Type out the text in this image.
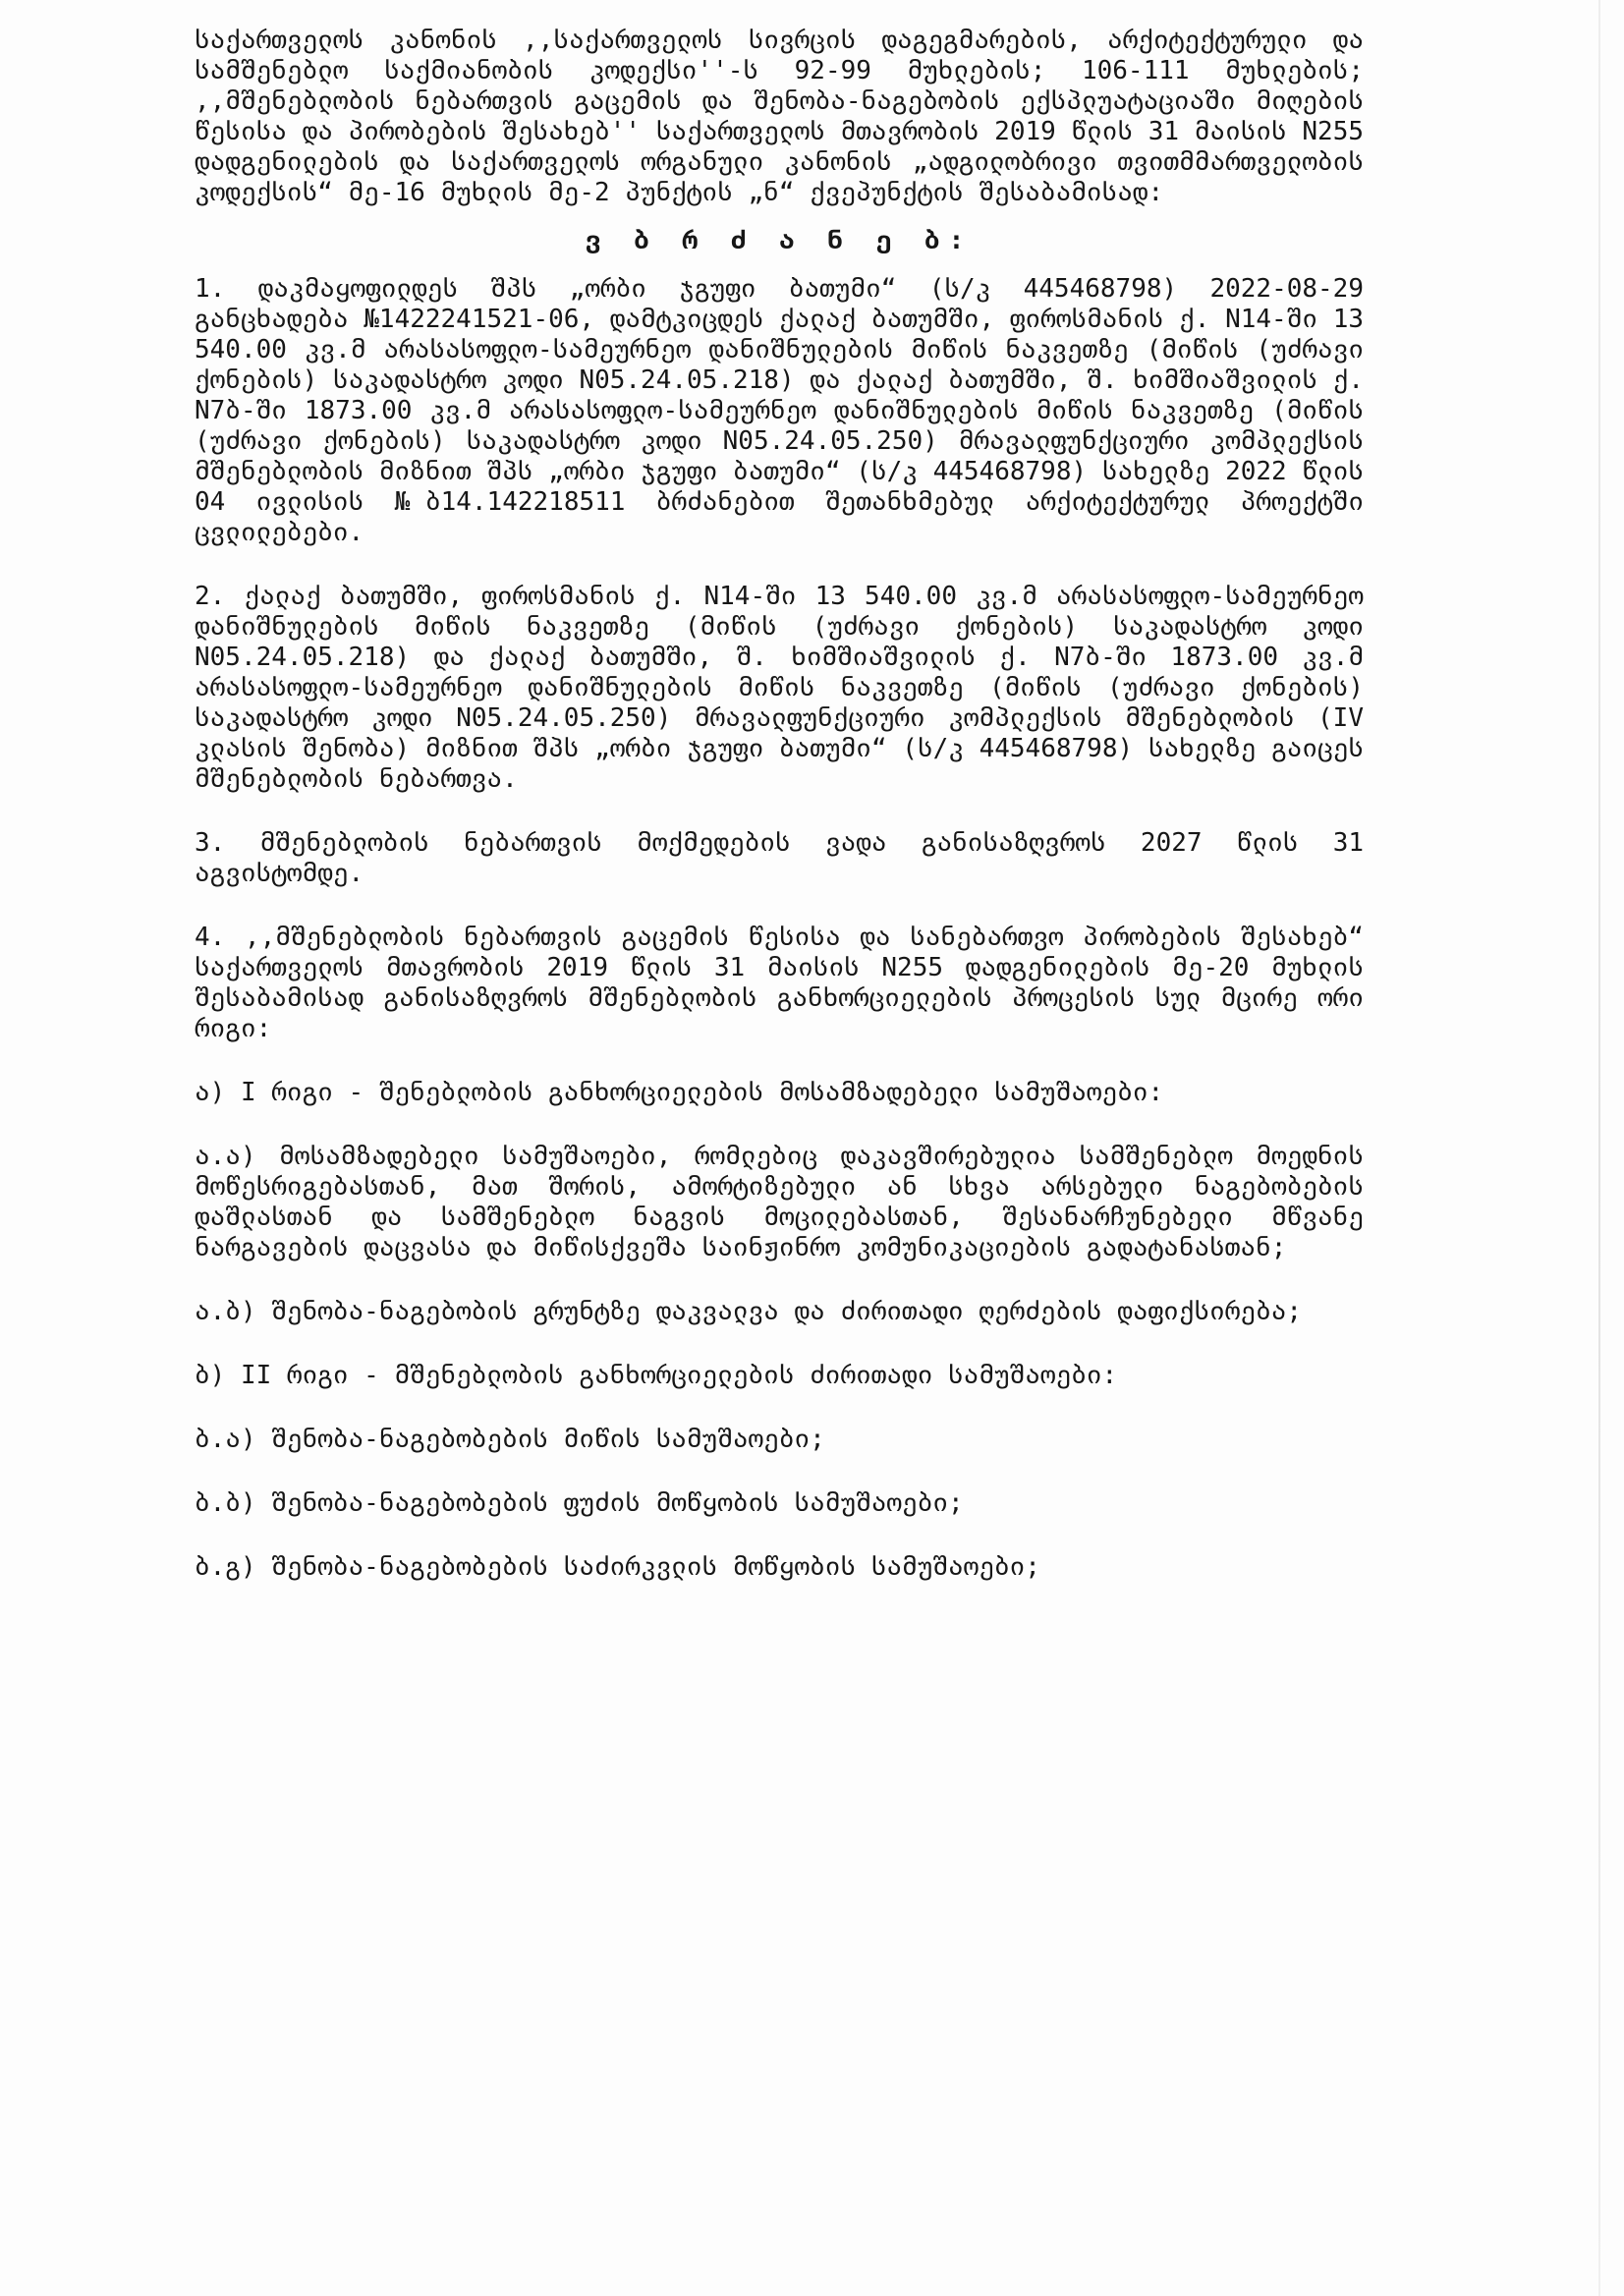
საქართველოს კანონის ,,საქართველოს სივრცის დაგეგმარების, არქიტექტურული და სამშენებლო საქმიანობის კოდექსი''-ს 92-99 მუხლების; 106-111 მუხლების; ,,მშენებლობის ნებართვის გაცემის და შენობა-ნაგებობის ექსპლუატაციაში მიღების წესისა და პირობების შესახებ'' საქართველოს მთავრობის 2019 წლის 31 მაისის N255 დადგენილების და საქართველოს ორგანული კანონის „ადგილობრივი თვითმმართველობის კოდექსის“ მე-16 მუხლის მე-2 პუნქტის „ნ“ ქვეპუნქტის შესაბამისად:

ვ ბ რ ძ ა ნ ე ბ:

1. დაკმაყოფილდეს შპს „ორბი ჯგუფი ბათუმი“ (ს/კ 445468798) 2022-08-29 განცხადება №1422241521-06, დამტკიცდეს ქალაქ ბათუმში, ფიროსმანის ქ. N14-ში 13 540.00 კვ.მ არასასოფლო-სამეურნეო დანიშნულების მიწის ნაკვეთზე (მიწის (უძრავი ქონების) საკადასტრო კოდი N05.24.05.218) და ქალაქ ბათუმში, შ. ხიმშიაშვილის ქ. N7ბ-ში 1873.00 კვ.მ არასასოფლო-სამეურნეო დანიშნულების მიწის ნაკვეთზე (მიწის (უძრავი ქონების) საკადასტრო კოდი N05.24.05.250) მრავალფუნქციური კომპლექსის მშენებლობის მიზნით შპს „ორბი ჯგუფი ბათუმი“ (ს/კ 445468798) სახელზე 2022 წლის 04 ივლისის №ბ14.142218511 ბრძანებით შეთანხმებულ არქიტექტურულ პროექტში ცვლილებები.

2. ქალაქ ბათუმში, ფიროსმანის ქ. N14-ში 13 540.00 კვ.მ არასასოფლო-სამეურნეო დანიშნულების მიწის ნაკვეთზე (მიწის (უძრავი ქონების) საკადასტრო კოდი N05.24.05.218) და ქალაქ ბათუმში, შ. ხიმშიაშვილის ქ. N7ბ-ში 1873.00 კვ.მ არასასოფლო-სამეურნეო დანიშნულების მიწის ნაკვეთზე (მიწის (უძრავი ქონების) საკადასტრო კოდი N05.24.05.250) მრავალფუნქციური კომპლექსის მშენებლობის (IV კლასის შენობა) მიზნით შპს „ორბი ჯგუფი ბათუმი“ (ს/კ 445468798) სახელზე გაიცეს მშენებლობის ნებართვა.

3. მშენებლობის ნებართვის მოქმედების ვადა განისაზღვროს 2027 წლის 31 აგვისტომდე.

4. ,,მშენებლობის ნებართვის გაცემის წესისა და სანებართვო პირობების შესახებ“ საქართველოს მთავრობის 2019 წლის 31 მაისის N255 დადგენილების მე-20 მუხლის შესაბამისად განისაზღვროს მშენებლობის განხორციელების პროცესის სულ მცირე ორი რიგი:

ა) I რიგი - შენებლობის განხორციელების მოსამზადებელი სამუშაოები:

ა.ა) მოსამზადებელი სამუშაოები, რომლებიც დაკავშირებულია სამშენებლო მოედნის მოწესრიგებასთან, მათ შორის, ამორტიზებული ან სხვა არსებული ნაგებობების დაშლასთან და სამშენებლო ნაგვის მოცილებასთან, შესანარჩუნებელი მწვანე ნარგავების დაცვასა და მიწისქვეშა საინჟინრო კომუნიკაციების გადატანასთან;

ა.ბ) შენობა-ნაგებობის გრუნტზე დაკვალვა და ძირითადი ღერძების დაფიქსირება;

ბ) II რიგი - მშენებლობის განხორციელების ძირითადი სამუშაოები:

ბ.ა) შენობა-ნაგებობების მიწის სამუშაოები;

ბ.ბ) შენობა-ნაგებობების ფუძის მოწყობის სამუშაოები;

ბ.გ) შენობა-ნაგებობების საძირკვლის მოწყობის სამუშაოები;
